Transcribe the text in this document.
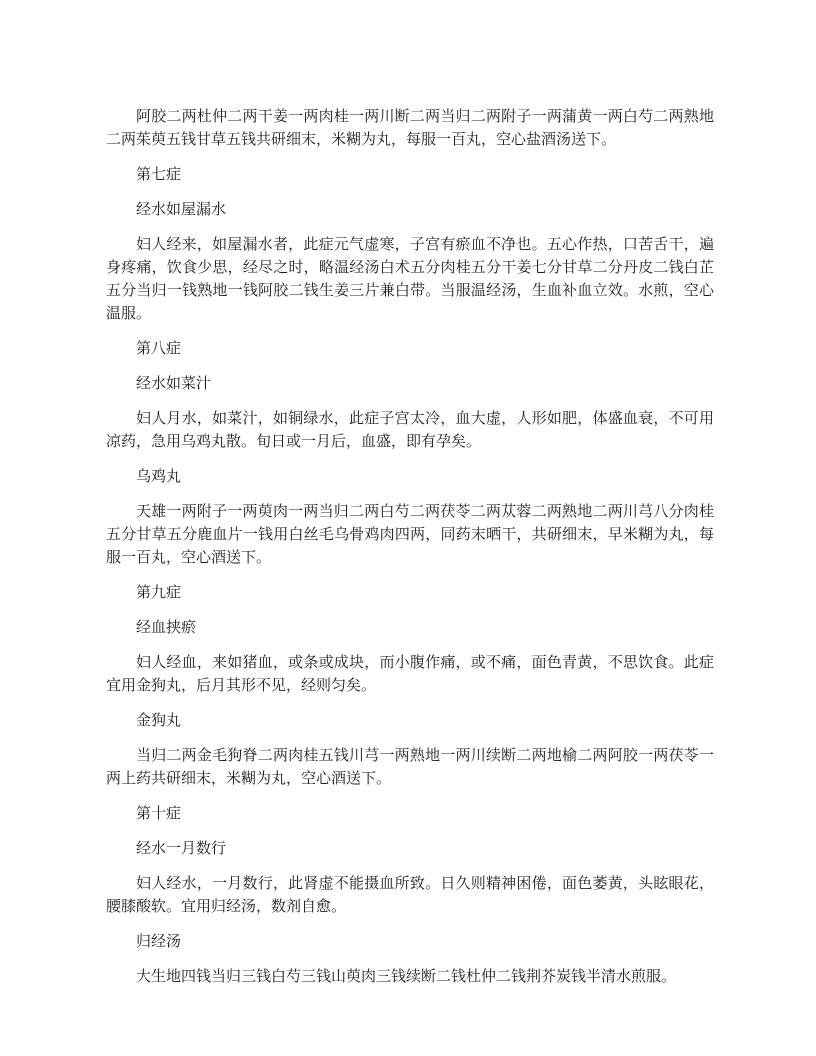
阿胶二两杜仲二两干姜一两肉桂一两川断二两当归二两附子一两蒲黄一两白芍二两熟地二两茱萸五钱甘草五钱共研细末，米糊为丸，每服一百丸，空心盐酒汤送下。

第七症

经水如屋漏水

妇人经来，如屋漏水者，此症元气虚寒，子宫有瘀血不净也。五心作热，口苦舌干，遍身疼痛，饮食少思，经尽之时，略温经汤白术五分肉桂五分干姜七分甘草二分丹皮二钱白芷五分当归一钱熟地一钱阿胶二钱生姜三片兼白带。当服温经汤，生血补血立效。水煎，空心温服。

第八症

经水如菜汁

妇人月水，如菜汁，如铜绿水，此症子宫太冷，血大虚，人形如肥，体盛血衰，不可用凉药，急用乌鸡丸散。旬日或一月后，血盛，即有孕矣。

乌鸡丸

天雄一两附子一两萸肉一两当归二两白芍二两茯苓二两苁蓉二两熟地二两川芎八分肉桂五分甘草五分鹿血片一钱用白丝毛乌骨鸡肉四两，同药末晒干，共研细末，早米糊为丸，每服一百丸，空心酒送下。

第九症

经血挟瘀

妇人经血，来如猪血，或条或成块，而小腹作痛，或不痛，面色青黄，不思饮食。此症宜用金狗丸，后月其形不见，经则匀矣。

金狗丸

当归二两金毛狗脊二两肉桂五钱川芎一两熟地一两川续断二两地榆二两阿胶一两茯苓一两上药共研细末，米糊为丸，空心酒送下。

第十症

经水一月数行

妇人经水，一月数行，此肾虚不能摄血所致。日久则精神困倦，面色萎黄，头眩眼花，腰膝酸软。宜用归经汤，数剂自愈。

归经汤

大生地四钱当归三钱白芍三钱山萸肉三钱续断二钱杜仲二钱荆芥炭钱半清水煎服。
